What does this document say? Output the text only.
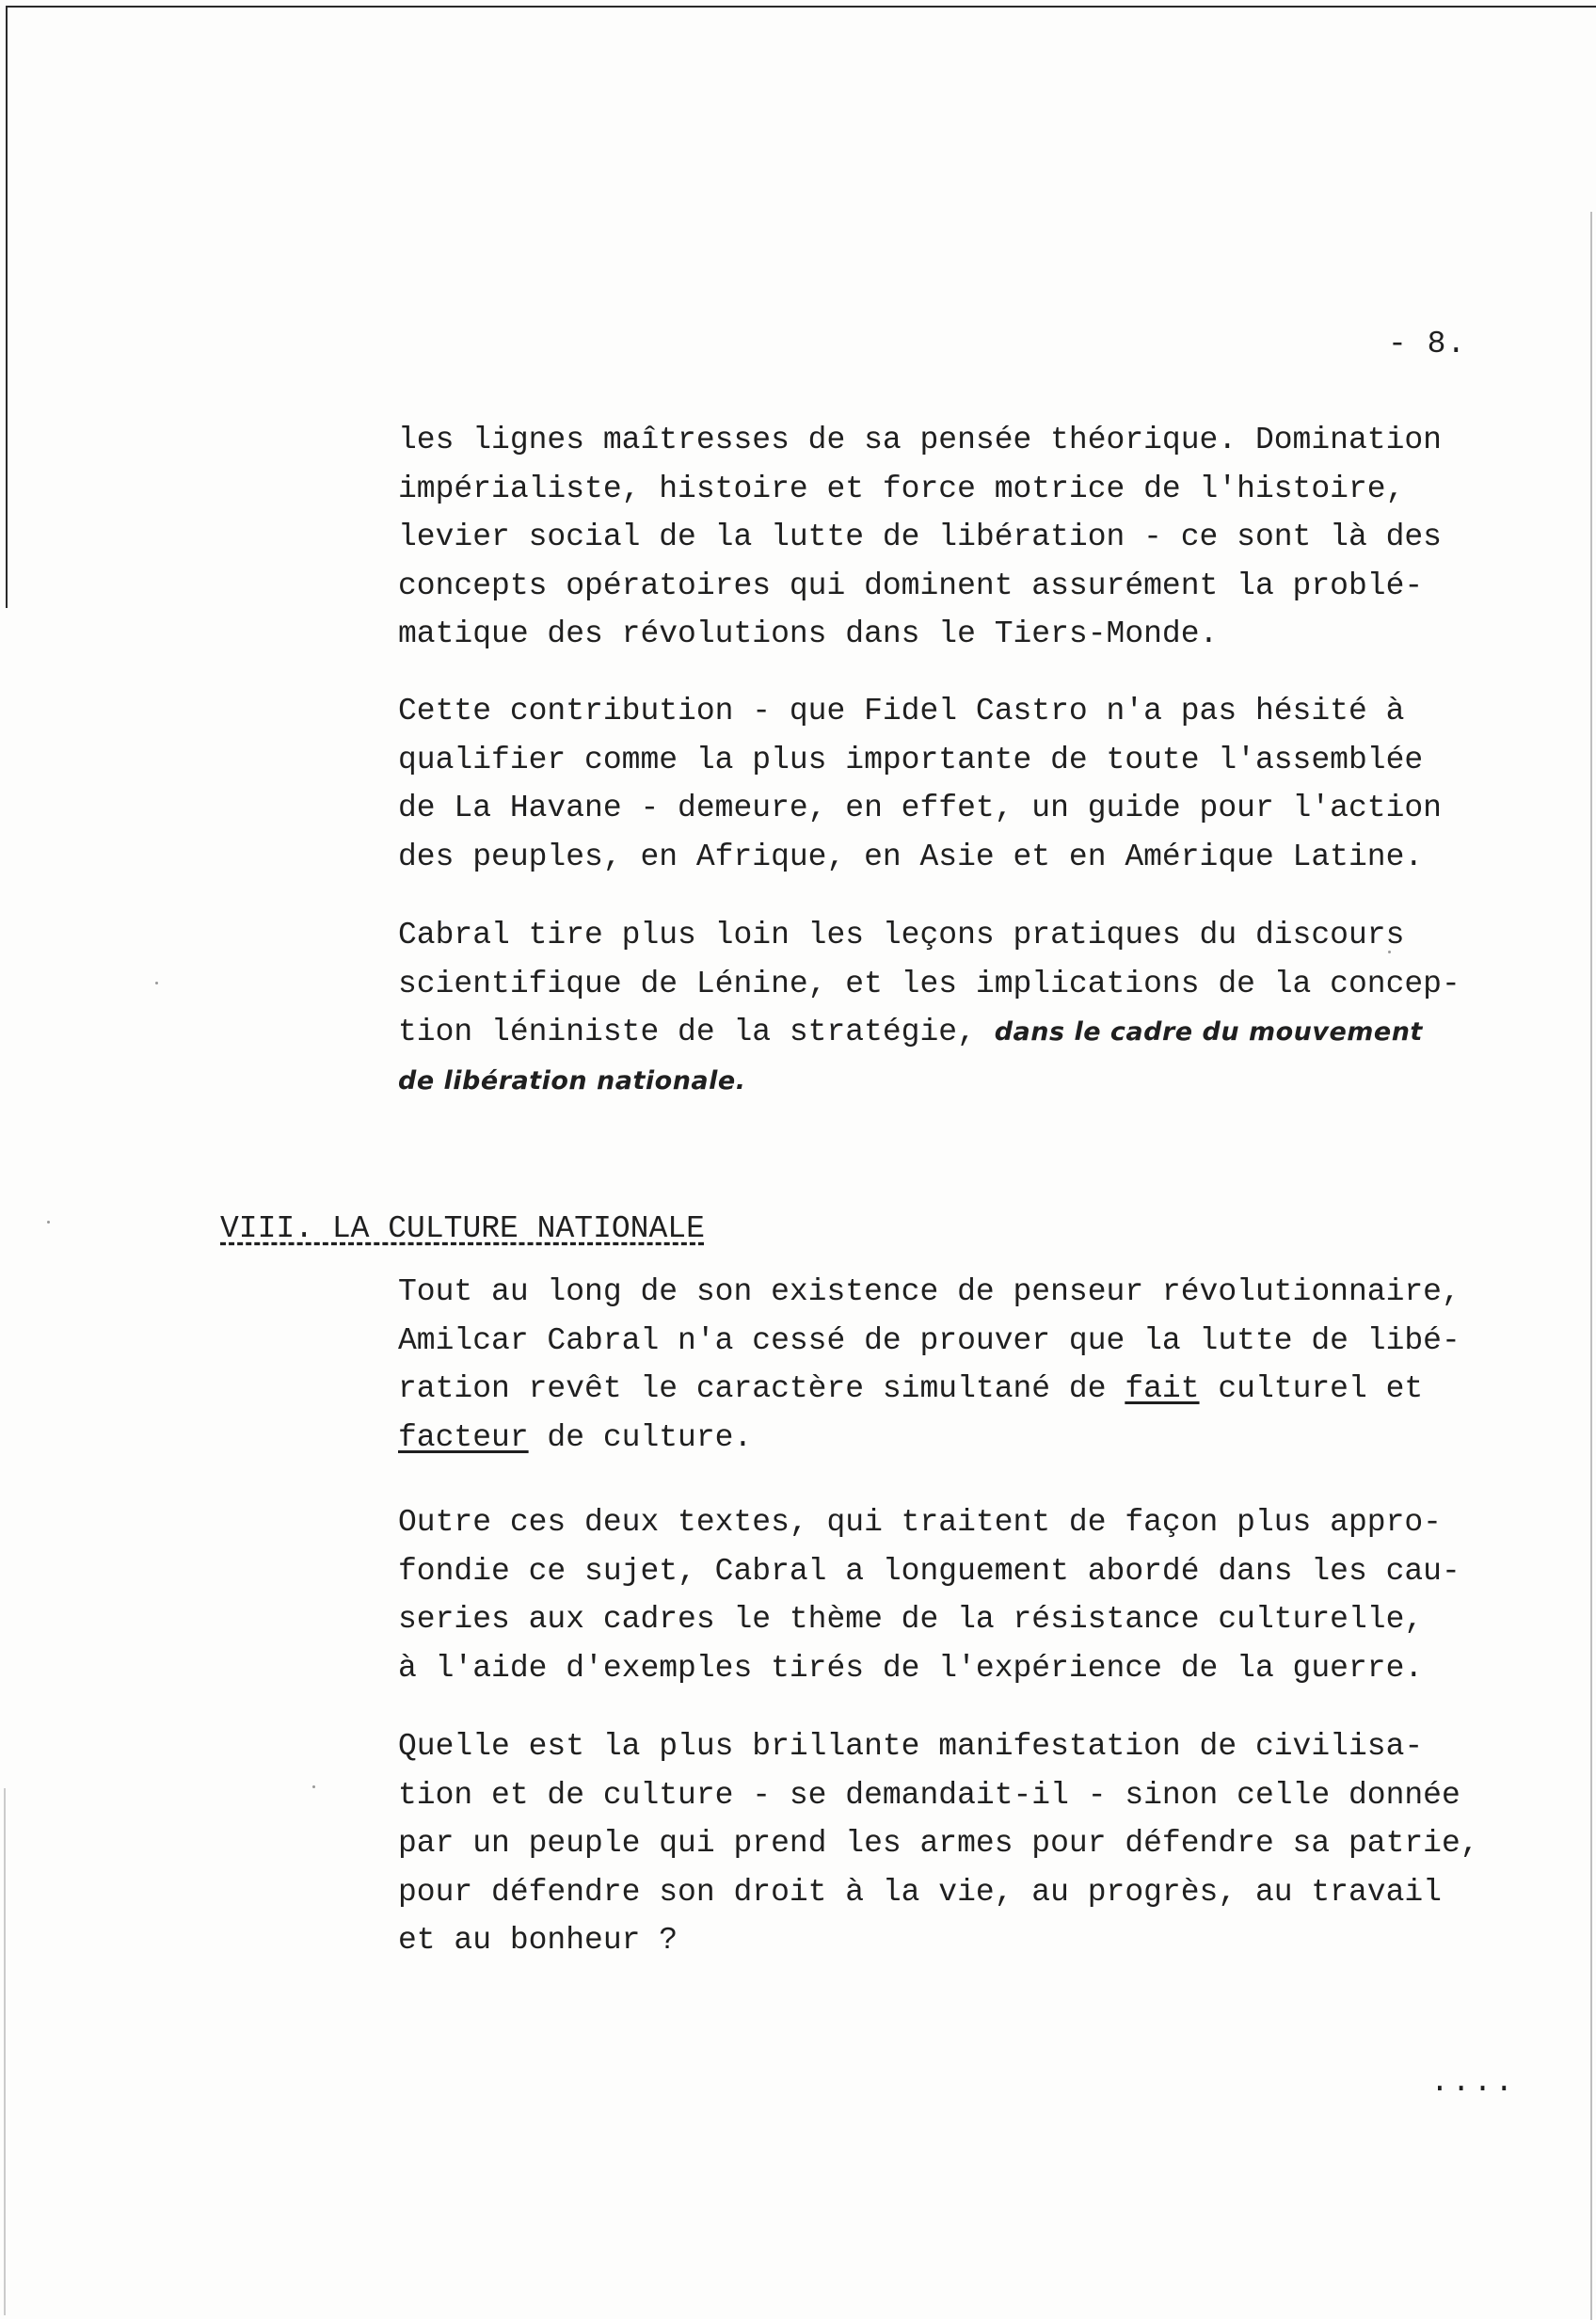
- 8.
les lignes maîtresses de sa pensée théorique. Domination
impérialiste, histoire et force motrice de l'histoire,
levier social de la lutte de libération - ce sont là des
concepts opératoires qui dominent assurément la problé-
matique des révolutions dans le Tiers-Monde.
Cette contribution - que Fidel Castro n'a pas hésité à
qualifier comme la plus importante de toute l'assemblée
de La Havane - demeure, en effet, un guide pour l'action
des peuples, en Afrique, en Asie et en Amérique Latine.
Cabral tire plus loin les leçons pratiques du discours
scientifique de Lénine, et les implications de la concep-
tion léniniste de la stratégie, dans le cadre du mouvement
de libération nationale.
VIII. LA CULTURE NATIONALE
Tout au long de son existence de penseur révolutionnaire,
Amilcar Cabral n'a cessé de prouver que la lutte de libé-
ration revêt le caractère simultané de fait culturel et
facteur de culture.
Outre ces deux textes, qui traitent de façon plus appro-
fondie ce sujet, Cabral a longuement abordé dans les cau-
series aux cadres le thème de la résistance culturelle,
à l'aide d'exemples tirés de l'expérience de la guerre.
Quelle est la plus brillante manifestation de civilisa-
tion et de culture - se demandait-il - sinon celle donnée
par un peuple qui prend les armes pour défendre sa patrie,
pour défendre son droit à la vie, au progrès, au travail
et au bonheur ?
....
